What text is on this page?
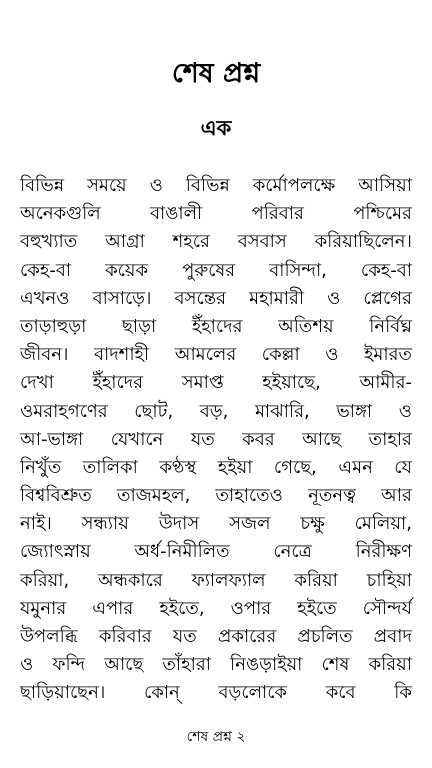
শেষ প্রশ্ন
এক
বিভিন্ন সময়ে ও বিভিন্ন কর্মোপলক্ষে আসিয়া
অনেকগুলি	বাঙালী	পরিবার	পশ্চিমের
বহুখ্যাত আগ্রা শহরে বসবাস করিয়াছিলেন।
কেহ-বা কয়েক পুরুষের বাসিন্দা, কেহ-বা
এখনও বাসাড়ে। বসন্তের মহামারী ও প্লেগের
তাড়াহুড়া ছাড়া ইঁহাদের অতিশয় নির্বিঘ্ন
জীবন। বাদশাহী আমলের কেল্লা ও ইমারত
দেখা ইঁহাদের সমাপ্ত হইয়াছে, আমীর-
ওমরাহগণের ছোট, বড়, মাঝারি, ভাঙ্গা ও
আ-ভাঙ্গা যেখানে যত কবর আছে তাহার
নিখুঁত তালিকা কণ্ঠস্থ হইয়া গেছে, এমন যে
বিশ্ববিশ্রুত তাজমহল, তাহাতেও নূতনত্ব আর
নাই। সন্ধ্যায় উদাস সজল চক্ষু মেলিয়া,
জ্যোৎস্নায় অর্ধ-নিমীলিত নেত্রে নিরীক্ষণ
করিয়া, অন্ধকারে ফ্যালফ্যাল করিয়া চাহিয়া
যমুনার এপার হইতে, ওপার হইতে সৌন্দর্য
উপলব্ধি করিবার যত প্রকারের প্রচলিত প্রবাদ
ও ফন্দি আছে তাঁহারা নিঙড়াইয়া শেষ করিয়া
ছাড়িয়াছেন। কোন্ বড়লোকে কবে কি
শেষ প্রশ্ন ২
